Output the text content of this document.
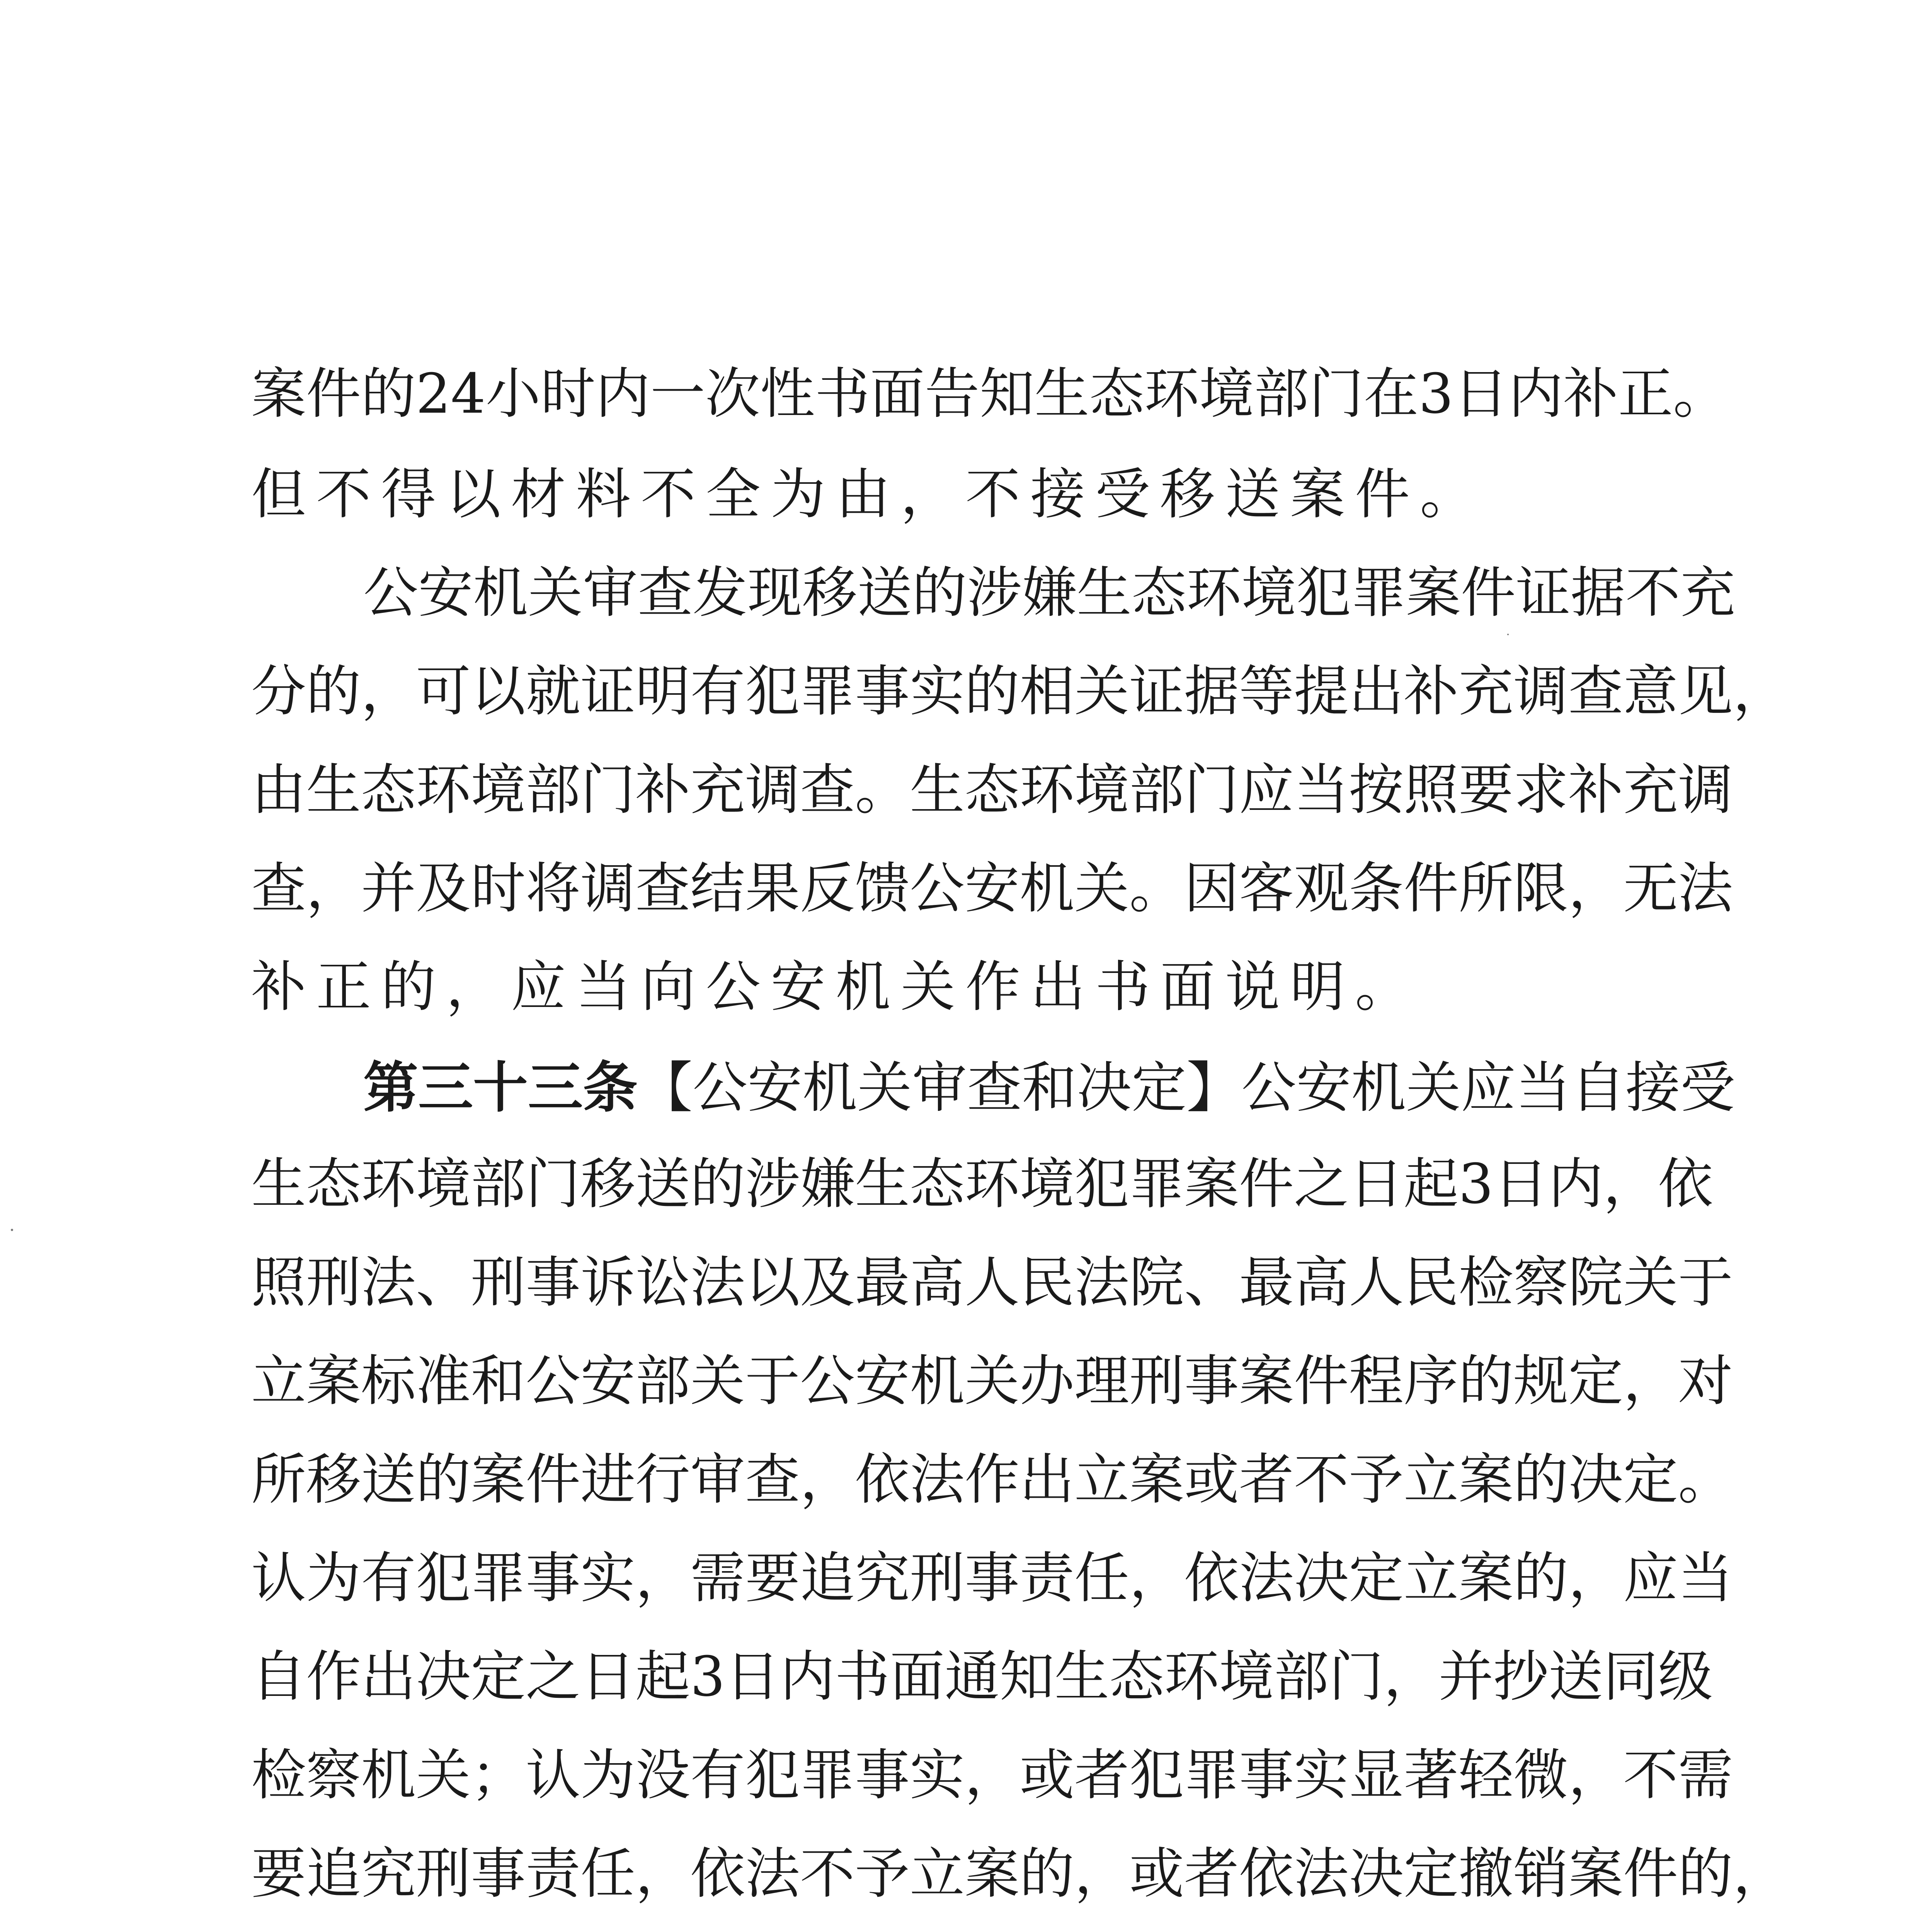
案件的24小时内一次性书面告知生态环境部门在3日内补正。
但不得以材料不全为由，不接受移送案件。
公安机关审查发现移送的涉嫌生态环境犯罪案件证据不充
分的，可以就证明有犯罪事实的相关证据等提出补充调查意见，
由生态环境部门补充调查。生态环境部门应当按照要求补充调
查，并及时将调查结果反馈公安机关。因客观条件所限，无法
补正的，应当向公安机关作出书面说明。
第三十三条【公安机关审查和决定】公安机关应当自接受
生态环境部门移送的涉嫌生态环境犯罪案件之日起3日内，依
照刑法、刑事诉讼法以及最高人民法院、最高人民检察院关于
立案标准和公安部关于公安机关办理刑事案件程序的规定，对
所移送的案件进行审查，依法作出立案或者不予立案的决定。
认为有犯罪事实，需要追究刑事责任，依法决定立案的，应当
自作出决定之日起3日内书面通知生态环境部门，并抄送同级
检察机关；认为没有犯罪事实，或者犯罪事实显著轻微，不需
要追究刑事责任，依法不予立案的，或者依法决定撤销案件的，
